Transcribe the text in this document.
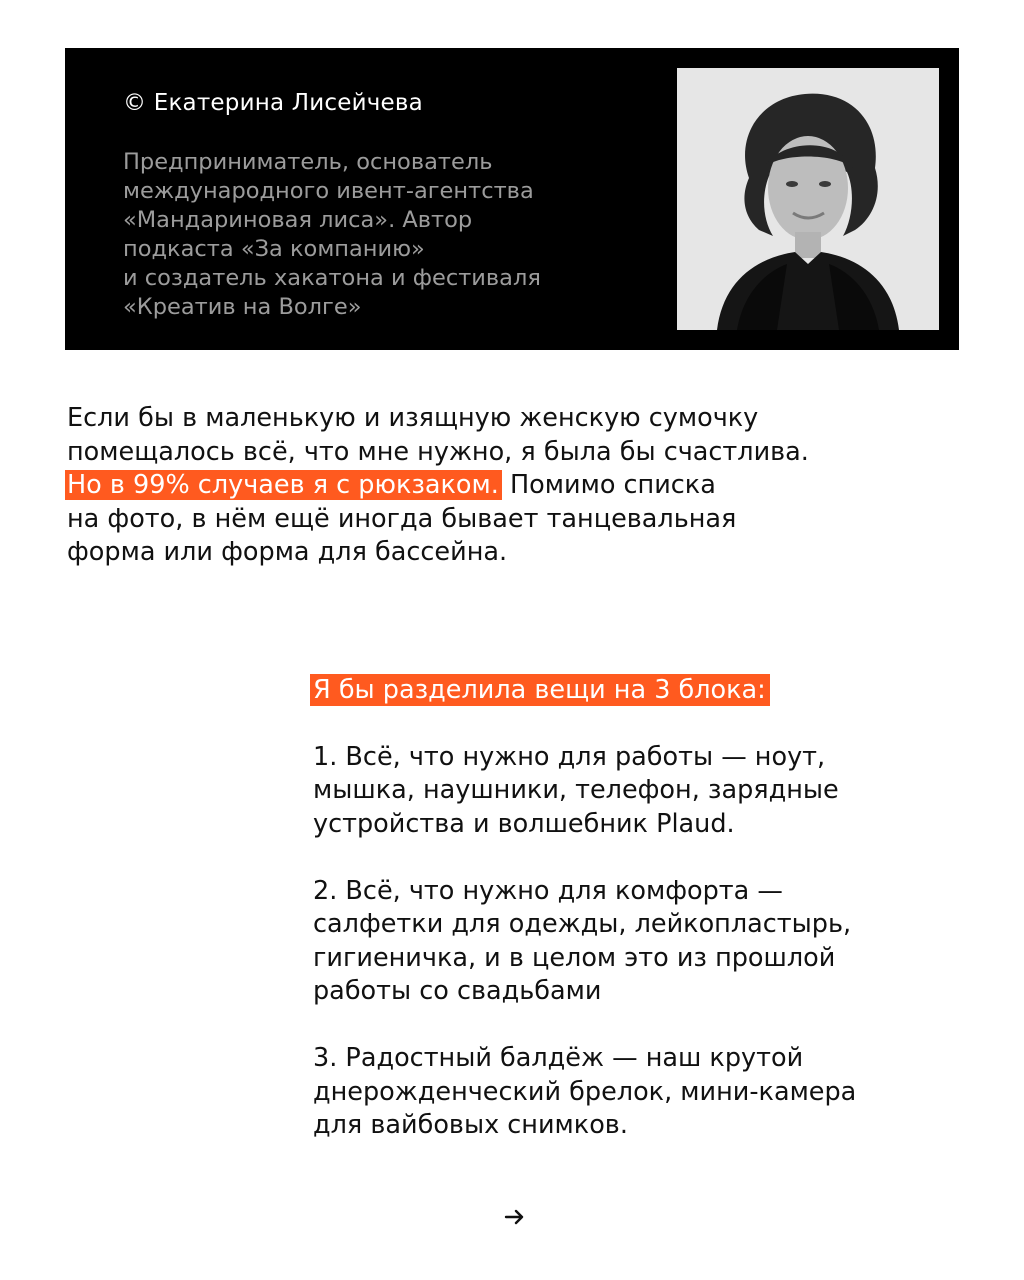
© Екатерина Лисейчева

Предприниматель, основатель
международного ивент-агентства
«Мандариновая лиса». Автор
подкаста «За компанию»
и создатель хакатона и фестиваля
«Креатив на Волге»

Если бы в маленькую и изящную женскую сумочку
помещалось всё, что мне нужно, я была бы счастлива.
Но в 99% случаев я с рюкзаком. Помимо списка
на фото, в нём ещё иногда бывает танцевальная
форма или форма для бассейна.

Я бы разделила вещи на 3 блока:
1. Всё, что нужно для работы — ноут,
мышка, наушники, телефон, зарядные
устройства и волшебник Plaud.
2. Всё, что нужно для комфорта —
салфетки для одежды, лейкопластырь,
гигиеничка, и в целом это из прошлой
работы со свадьбами
3. Радостный балдёж — наш крутой
днерожденческий брелок, мини-камера
для вайбовых снимков.
